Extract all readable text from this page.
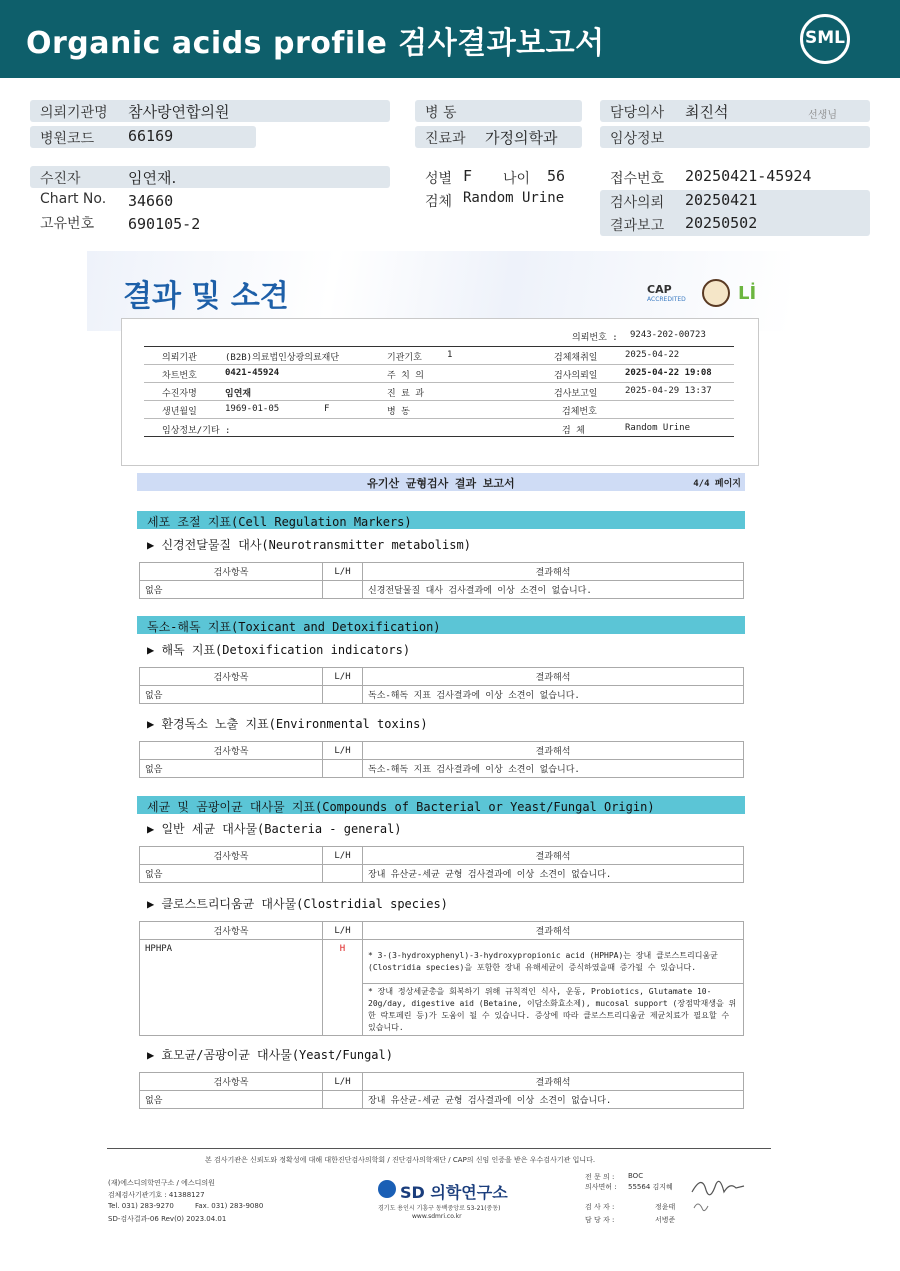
Organic acids profile 검사결과보고서	SML
의뢰기관명 참사랑연합의원
병원코드 66169
병 동
진료과 가정의학과
담당의사 최진석	선생님
임상정보
수진자	임연재.
Chart No. 34660
고유번호 690105-2
성별 F 나이 56
검체 Random Urine
접수번호 20250421-45924
검사의뢰 20250421
결과보고 20250502
결과 및 소견	CAP
ACCREDITED	Lİ
의뢰번호 : 9243-202-00723
의뢰기관	(B2B)의료법인상광의료재단	기관기호	1	검체채취일	2025-04-22
차트번호	0421-45924	주 치 의	검사의뢰일	2025-04-22 19:08
수진자명	임연재	진 료 과	검사보고일	2025-04-29 13:37
생년월일	1969-01-05	F	병 동	검체번호
임상정보/기타 :	검 체	Random Urine
유기산 균형검사 결과 보고서	4/4 페이지
세포 조절 지표(Cell Regulation Markers)
▶ 신경전달물질 대사(Neurotransmitter metabolism)
검사항목	L/H	결과해석
없음		신경전달물질 대사 검사결과에 이상 소견이 없습니다.
독소-해독 지표(Toxicant and Detoxification)
▶ 해독 지표(Detoxification indicators)
검사항목	L/H	결과해석
없음		독소-해독 지표 검사결과에 이상 소견이 없습니다.
▶ 환경독소 노출 지표(Environmental toxins)
검사항목	L/H	결과해석
없음		독소-해독 지표 검사결과에 이상 소견이 없습니다.
세균 및 곰팡이균 대사물 지표(Compounds of Bacterial or Yeast/Fungal Origin)
▶ 일반 세균 대사물(Bacteria - general)
검사항목	L/H	결과해석
없음		장내 유산균-세균 균형 검사결과에 이상 소견이 없습니다.
▶ 클로스트리디움균 대사물(Clostridial species)
검사항목	L/H	결과해석
HPHPA	H	* 3-(3-hydroxyphenyl)-3-hydroxypropionic acid (HPHPA)는 장내 클로스트리디움균(Clostridia species)을 포함한 장내 유해세균이 증식하였을때 증가될 수 있습니다.
		* 장내 정상세균총을 회복하기 위해 규칙적인 식사, 운동, Probiotics, Glutamate 10-20g/day, digestive aid (Betaine, 이담소화효소제), mucosal support (장점막재생을 위한 락토페린 등)가 도움이 될 수 있습니다. 증상에 따라 클로스트리디움균 제균치료가 필요할 수 있습니다.
▶ 효모균/곰팡이균 대사물(Yeast/Fungal)
검사항목	L/H	결과해석
없음		장내 유산균-세균 균형 검사결과에 이상 소견이 없습니다.
본 검사기관은 신뢰도와 정확성에 대해 대한진단검사의학회 / 진단검사의학재단 / CAP의 신임 인증을 받은 우수검사기관 입니다.
(재)에스디의학연구소 / 에스디의원
검체검사기관기호 : 41388127
Tel. 031) 283-9270	Fax. 031) 283-9080
SD-검사결과-06 Rev(0) 2023.04.01
SD 의학연구소
경기도 용인시 기흥구 동백중앙로 53-21(중동)
www.sdmri.co.kr
전 문 의 : BOC
의사면허 : 55564 김지혜
검 사 자 :	정윤태
담 당 자 :	서병준
